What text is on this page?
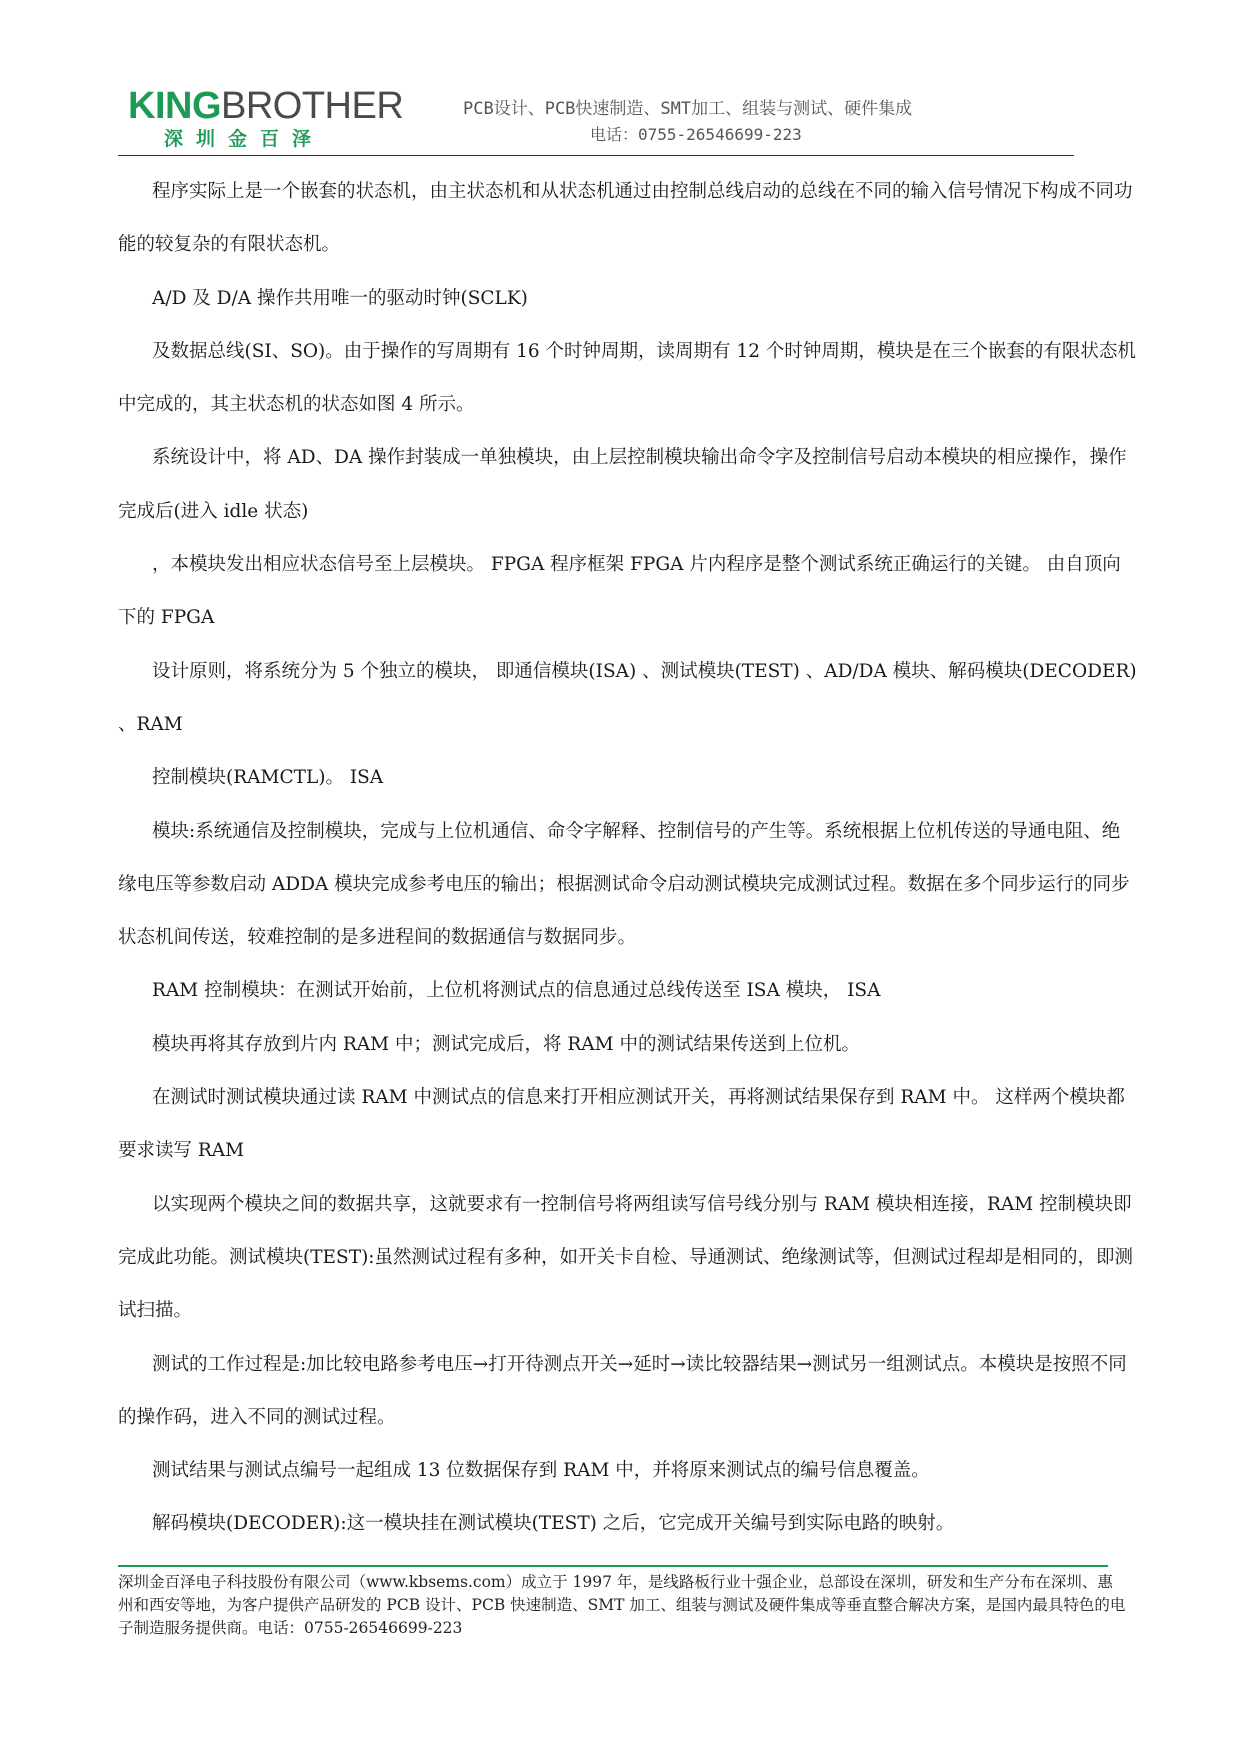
KINGBROTHER
深圳金百泽
PCB设计、PCB快速制造、SMT加工、组装与测试、硬件集成
电话：0755-26546699-223

程序实际上是一个嵌套的状态机，由主状态机和从状态机通过由控制总线启动的总线在不同的输入信号情况下构成不同功能的较复杂的有限状态机。

A/D 及 D/A 操作共用唯一的驱动时钟(SCLK)

及数据总线(SI、SO)。由于操作的写周期有 16 个时钟周期，读周期有 12 个时钟周期，模块是在三个嵌套的有限状态机中完成的，其主状态机的状态如图 4 所示。

系统设计中，将 AD、DA 操作封装成一单独模块，由上层控制模块输出命令字及控制信号启动本模块的相应操作，操作完成后(进入 idle 状态)

，本模块发出相应状态信号至上层模块。 FPGA 程序框架 FPGA 片内程序是整个测试系统正确运行的关键。 由自顶向下的 FPGA

设计原则，将系统分为 5 个独立的模块， 即通信模块(ISA) 、测试模块(TEST) 、AD/DA 模块、解码模块(DECODER) 、RAM

控制模块(RAMCTL)。 ISA

模块:系统通信及控制模块，完成与上位机通信、命令字解释、控制信号的产生等。系统根据上位机传送的导通电阻、绝缘电压等参数启动 ADDA 模块完成参考电压的输出；根据测试命令启动测试模块完成测试过程。数据在多个同步运行的同步状态机间传送，较难控制的是多进程间的数据通信与数据同步。

RAM 控制模块：在测试开始前，上位机将测试点的信息通过总线传送至 ISA 模块， ISA

模块再将其存放到片内 RAM 中；测试完成后，将 RAM 中的测试结果传送到上位机。

在测试时测试模块通过读 RAM 中测试点的信息来打开相应测试开关，再将测试结果保存到 RAM 中。 这样两个模块都要求读写 RAM

以实现两个模块之间的数据共享，这就要求有一控制信号将两组读写信号线分别与 RAM 模块相连接，RAM 控制模块即完成此功能。测试模块(TEST):虽然测试过程有多种，如开关卡自检、导通测试、绝缘测试等，但测试过程却是相同的，即测试扫描。

测试的工作过程是:加比较电路参考电压→打开待测点开关→延时→读比较器结果→测试另一组测试点。本模块是按照不同的操作码，进入不同的测试过程。

测试结果与测试点编号一起组成 13 位数据保存到 RAM 中，并将原来测试点的编号信息覆盖。

解码模块(DECODER):这一模块挂在测试模块(TEST) 之后，它完成开关编号到实际电路的映射。

深圳金百泽电子科技股份有限公司（www.kbsems.com）成立于 1997 年，是线路板行业十强企业，总部设在深圳，研发和生产分布在深圳、惠州和西安等地，为客户提供产品研发的 PCB 设计、PCB 快速制造、SMT 加工、组装与测试及硬件集成等垂直整合解决方案，是国内最具特色的电子制造服务提供商。电话：0755-26546699-223
